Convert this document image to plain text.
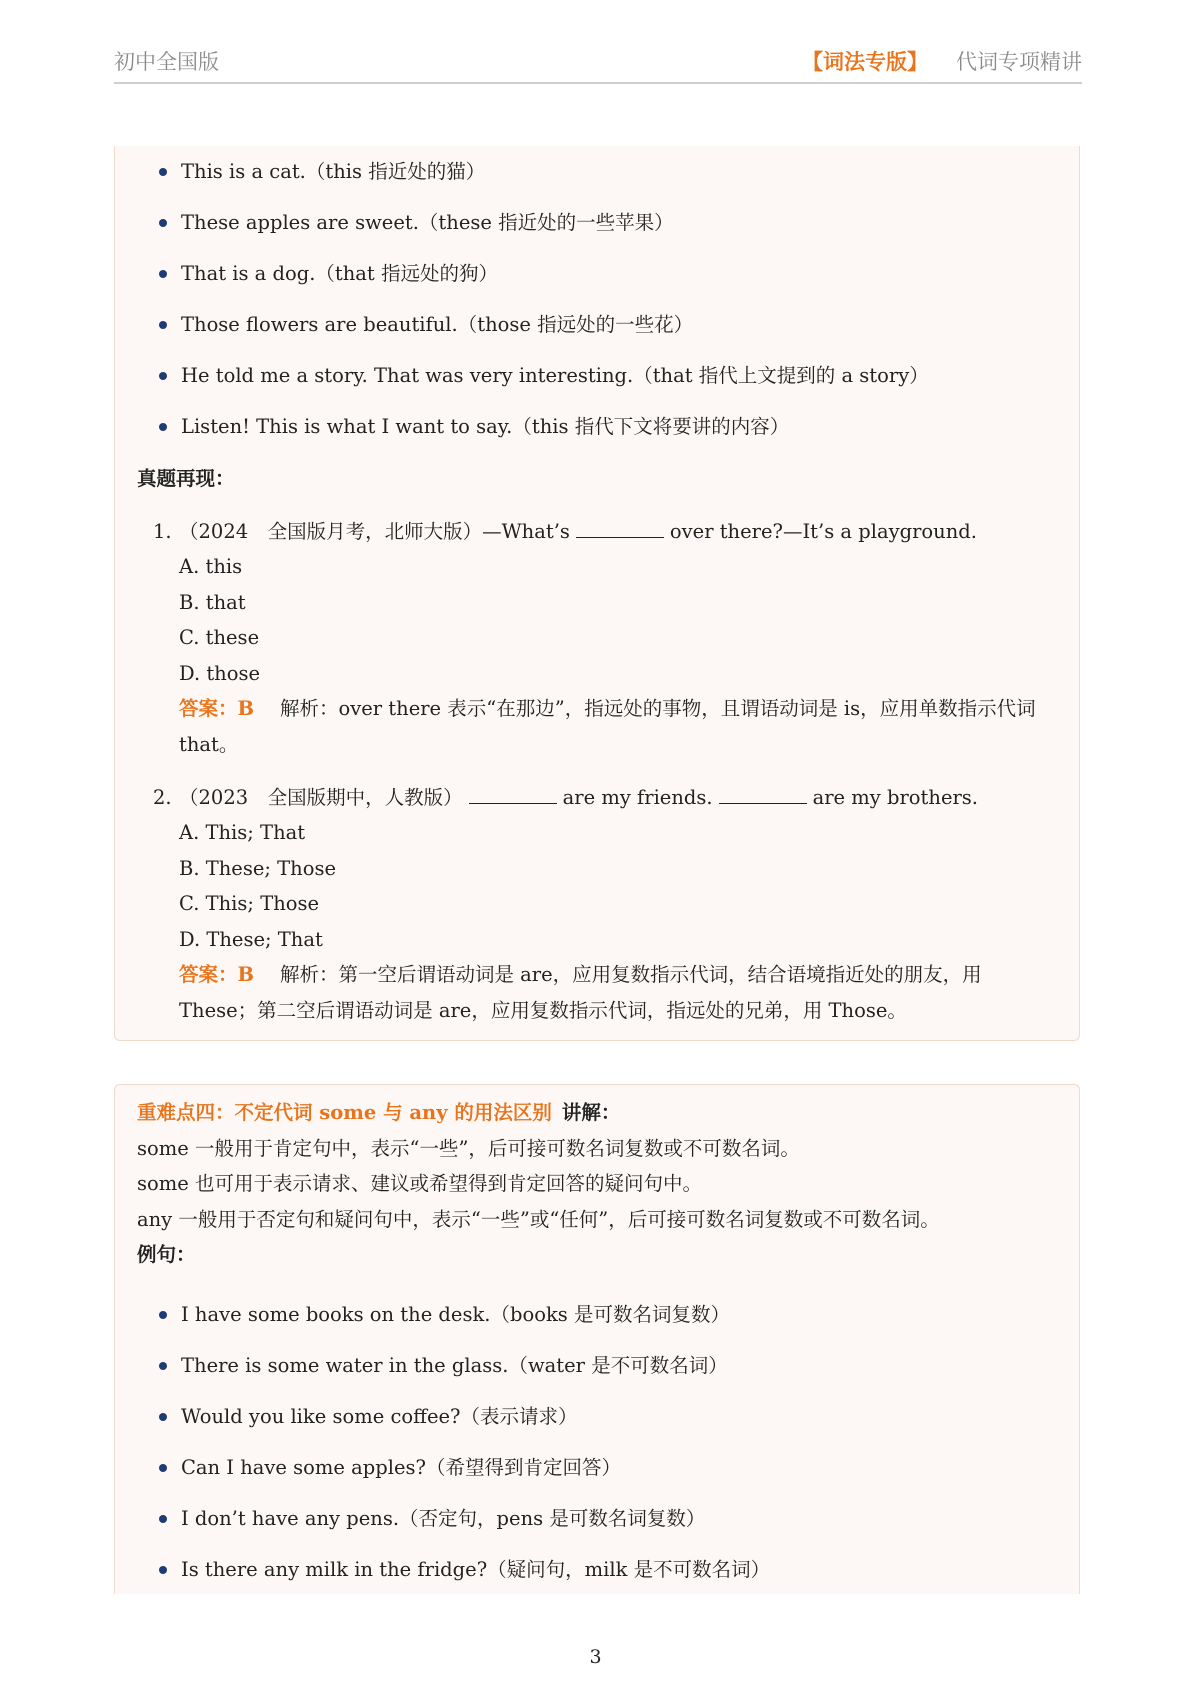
初中全国版	【词法专版】 代词专项精讲
This is a cat.（this 指近处的猫）
These apples are sweet.（these 指近处的一些苹果）
That is a dog.（that 指远处的狗）
Those flowers are beautiful.（those 指远处的一些花）
He told me a story. That was very interesting.（that 指代上文提到的 a story）
Listen! This is what I want to say.（this 指代下文将要讲的内容）
真题再现：
1. （2024　全国版月考，北师大版）—What’s	over there?—It’s a playground.
A. this
B. that
C. these
D. those
答案：B 解析：over there 表示“在那边”，指远处的事物，且谓语动词是 is，应用单数指示代词 that。
2. （2023　全国版期中，人教版）	are my friends.	are my brothers.
A. This; That
B. These; Those
C. This; Those
D. These; That
答案：B 解析：第一空后谓语动词是 are，应用复数指示代词，结合语境指近处的朋友，用 These；第二空后谓语动词是 are，应用复数指示代词，指远处的兄弟，用 Those。
重难点四：不定代词 some 与 any 的用法区别 讲解：
some 一般用于肯定句中，表示“一些”，后可接可数名词复数或不可数名词。
some 也可用于表示请求、建议或希望得到肯定回答的疑问句中。
any 一般用于否定句和疑问句中，表示“一些”或“任何”，后可接可数名词复数或不可数名词。
例句：
I have some books on the desk.（books 是可数名词复数）
There is some water in the glass.（water 是不可数名词）
Would you like some coffee?（表示请求）
Can I have some apples?（希望得到肯定回答）
I don’t have any pens.（否定句，pens 是可数名词复数）
Is there any milk in the fridge?（疑问句，milk 是不可数名词）
3
